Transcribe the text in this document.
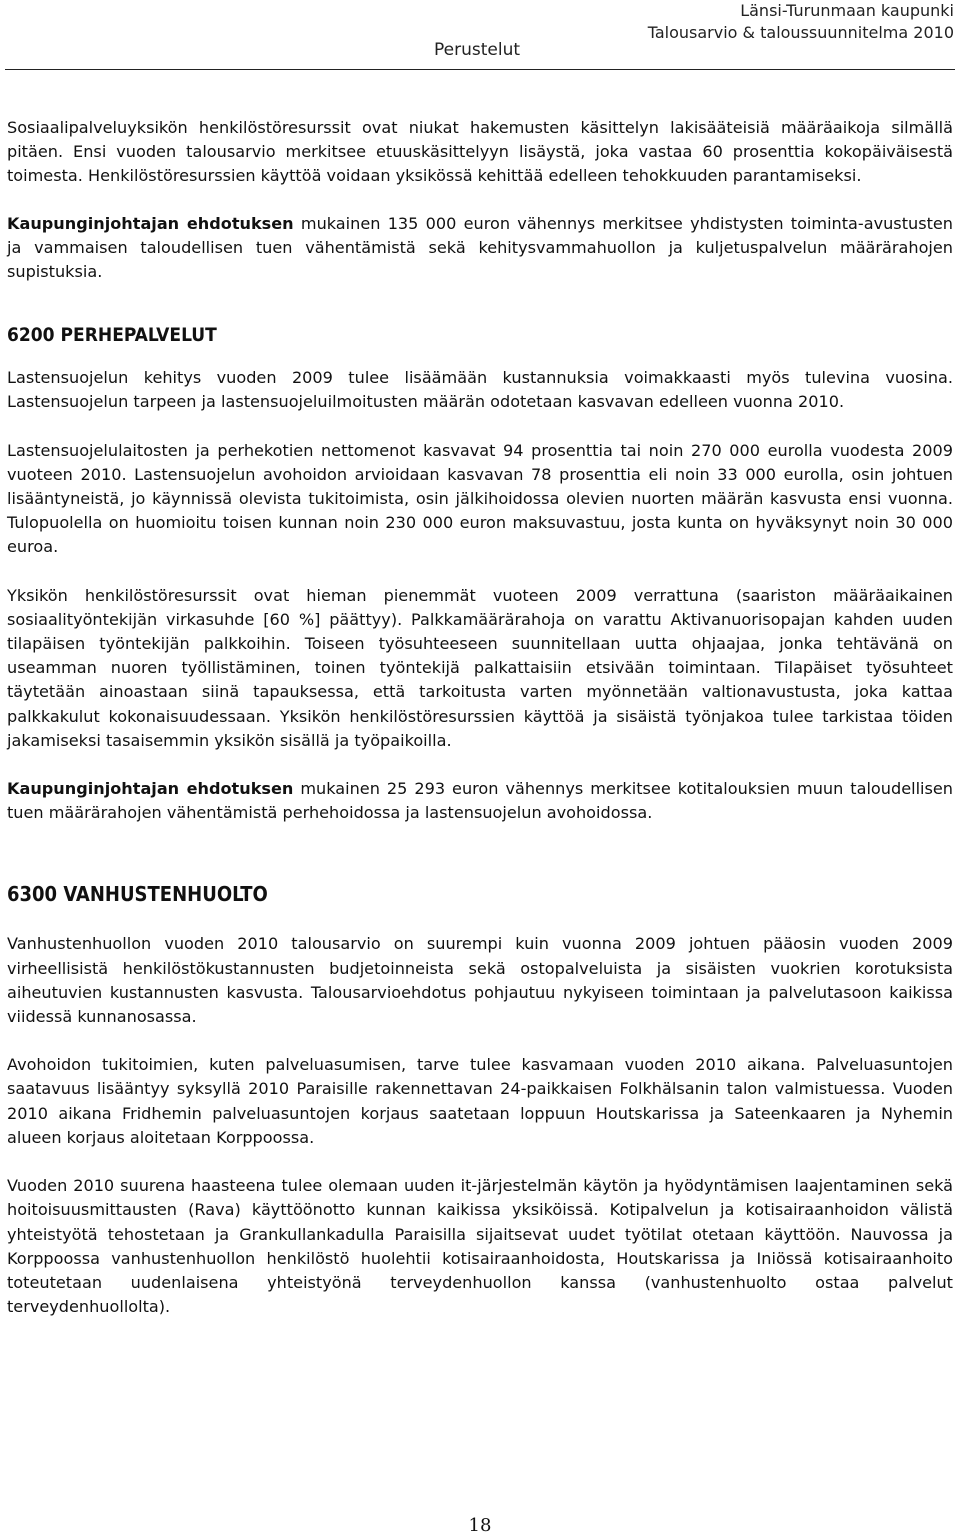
Perustelut
Länsi-Turunmaan kaupunki
Talousarvio & taloussuunnitelma 2010

Sosiaalipalveluyksikön henkilöstöresurssit ovat niukat hakemusten käsittelyn lakisääteisiä määräaikoja silmällä pitäen. Ensi vuoden talousarvio merkitsee etuuskäsittelyyn lisäystä, joka vastaa 60 prosenttia kokopäiväisestä toimesta. Henkilöstöresurssien käyttöä voidaan yksikössä kehittää edelleen tehokkuuden parantamiseksi.

Kaupunginjohtajan ehdotuksen mukainen 135 000 euron vähennys merkitsee yhdistysten toiminta-avustusten ja vammaisen taloudellisen tuen vähentämistä sekä kehitysvammahuollon ja kuljetuspalvelun määrärahojen supistuksia.

6200 PERHEPALVELUT

Lastensuojelun kehitys vuoden 2009 tulee lisäämään kustannuksia voimakkaasti myös tulevina vuosina. Lastensuojelun tarpeen ja lastensuojeluilmoitusten määrän odotetaan kasvavan edelleen vuonna 2010.

Lastensuojelulaitosten ja perhekotien nettomenot kasvavat 94 prosenttia tai noin 270 000 eurolla vuodesta 2009 vuoteen 2010. Lastensuojelun avohoidon arvioidaan kasvavan 78 prosenttia eli noin 33 000 eurolla, osin johtuen lisääntyneistä, jo käynnissä olevista tukitoimista, osin jälkihoidossa olevien nuorten määrän kasvusta ensi vuonna. Tulopuolella on huomioitu toisen kunnan noin 230 000 euron maksuvastuu, josta kunta on hyväksynyt noin 30 000 euroa.

Yksikön henkilöstöresurssit ovat hieman pienemmät vuoteen 2009 verrattuna (saariston määräaikainen sosiaalityöntekijän virkasuhde [60 %] päättyy). Palkkamäärärahoja on varattu Aktivanuorisopajan kahden uuden tilapäisen työntekijän palkkoihin. Toiseen työsuhteeseen suunnitellaan uutta ohjaajaa, jonka tehtävänä on useamman nuoren työllistäminen, toinen työntekijä palkattaisiin etsivään toimintaan. Tilapäiset työsuhteet täytetään ainoastaan siinä tapauksessa, että tarkoitusta varten myönnetään valtionavustusta, joka kattaa palkkakulut kokonaisuudessaan. Yksikön henkilöstöresurssien käyttöä ja sisäistä työnjakoa tulee tarkistaa töiden jakamiseksi tasaisemmin yksikön sisällä ja työpaikoilla.

Kaupunginjohtajan ehdotuksen mukainen 25 293 euron vähennys merkitsee kotitalouksien muun taloudellisen tuen määrärahojen vähentämistä perhehoidossa ja lastensuojelun avohoidossa.

6300 VANHUSTENHUOLTO

Vanhustenhuollon vuoden 2010 talousarvio on suurempi kuin vuonna 2009 johtuen pääosin vuoden 2009 virheellisistä henkilöstökustannusten budjetoinneista sekä ostopalveluista ja sisäisten vuokrien korotuksista aiheutuvien kustannusten kasvusta. Talousarvioehdotus pohjautuu nykyiseen toimintaan ja palvelutasoon kaikissa viidessä kunnanosassa.

Avohoidon tukitoimien, kuten palveluasumisen, tarve tulee kasvamaan vuoden 2010 aikana. Palveluasuntojen saatavuus lisääntyy syksyllä 2010 Paraisille rakennettavan 24-paikkaisen Folkhälsanin talon valmistuessa. Vuoden 2010 aikana Fridhemin palveluasuntojen korjaus saatetaan loppuun Houtskarissa ja Sateenkaaren ja Nyhemin alueen korjaus aloitetaan Korppoossa.

Vuoden 2010 suurena haasteena tulee olemaan uuden it-järjestelmän käytön ja hyödyntämisen laajentaminen sekä hoitoisuusmittausten (Rava) käyttöönotto kunnan kaikissa yksiköissä. Kotipalvelun ja kotisairaanhoidon välistä yhteistyötä tehostetaan ja Grankullankadulla Paraisilla sijaitsevat uudet työtilat otetaan käyttöön. Nauvossa ja Korppoossa vanhustenhuollon henkilöstö huolehtii kotisairaanhoidosta, Houtskarissa ja Iniössä kotisairaanhoito toteutetaan uudenlaisena yhteistyönä terveydenhuollon kanssa (vanhustenhuolto ostaa palvelut terveydenhuollolta).

18
